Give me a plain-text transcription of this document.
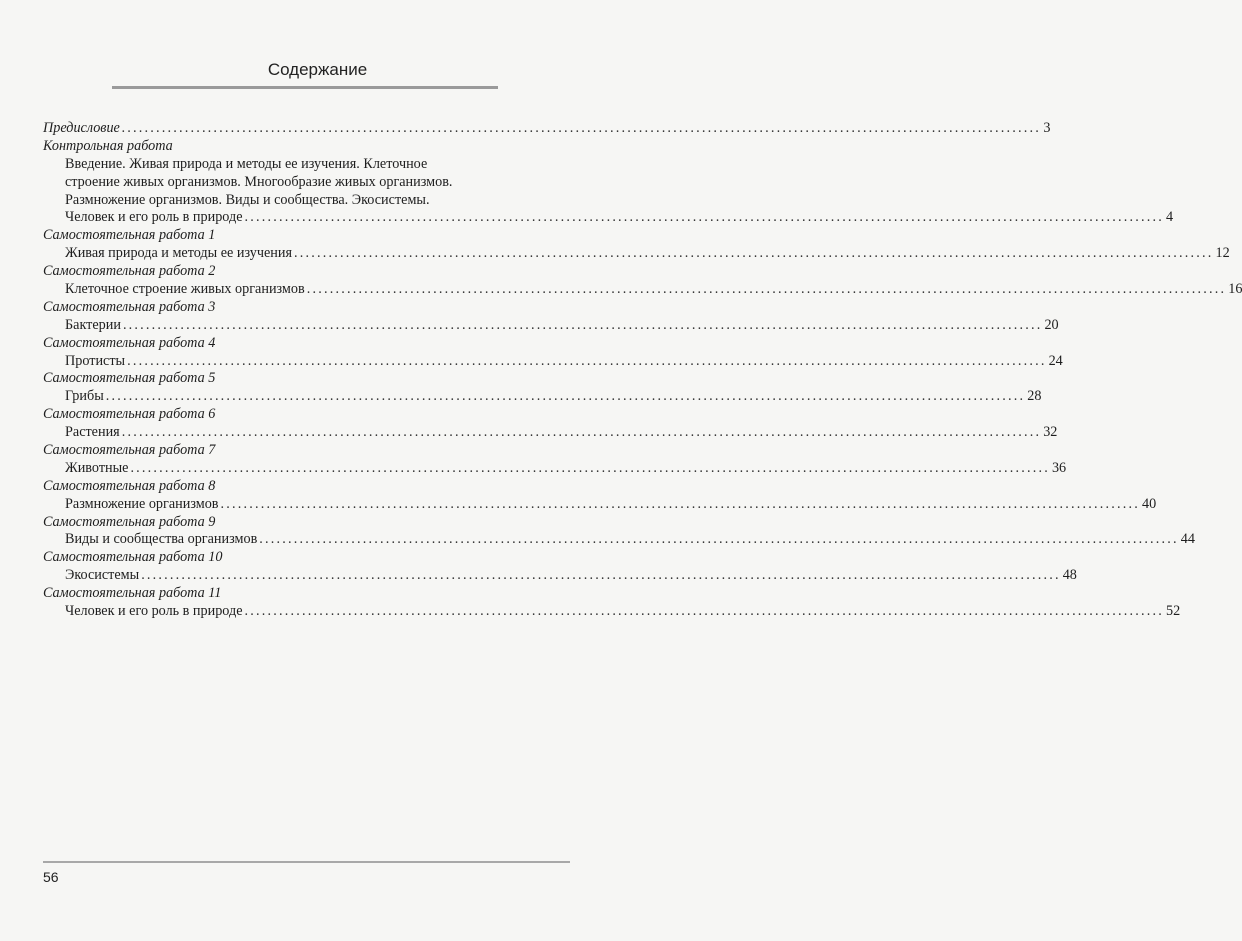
Содержание
Предисловие ................................................................................................................................................................ 3
Контрольная работа
Введение. Живая природа и методы ее изучения. Клеточное
строение живых организмов. Многообразие живых организмов.
Размножение организмов. Виды и сообщества. Экосистемы.
Человек и его роль в природе ................................................................................................................................................................ 4
Самостоятельная работа 1
Живая природа и методы ее изучения ................................................................................................................................................................ 12
Самостоятельная работа 2
Клеточное строение живых организмов ................................................................................................................................................................ 16
Самостоятельная работа 3
Бактерии ................................................................................................................................................................ 20
Самостоятельная работа 4
Протисты ................................................................................................................................................................ 24
Самостоятельная работа 5
Грибы ................................................................................................................................................................ 28
Самостоятельная работа 6
Растения ................................................................................................................................................................ 32
Самостоятельная работа 7
Животные ................................................................................................................................................................ 36
Самостоятельная работа 8
Размножение организмов ................................................................................................................................................................ 40
Самостоятельная работа 9
Виды и сообщества организмов ................................................................................................................................................................ 44
Самостоятельная работа 10
Экосистемы ................................................................................................................................................................ 48
Самостоятельная работа 11
Человек и его роль в природе ................................................................................................................................................................ 52
56
